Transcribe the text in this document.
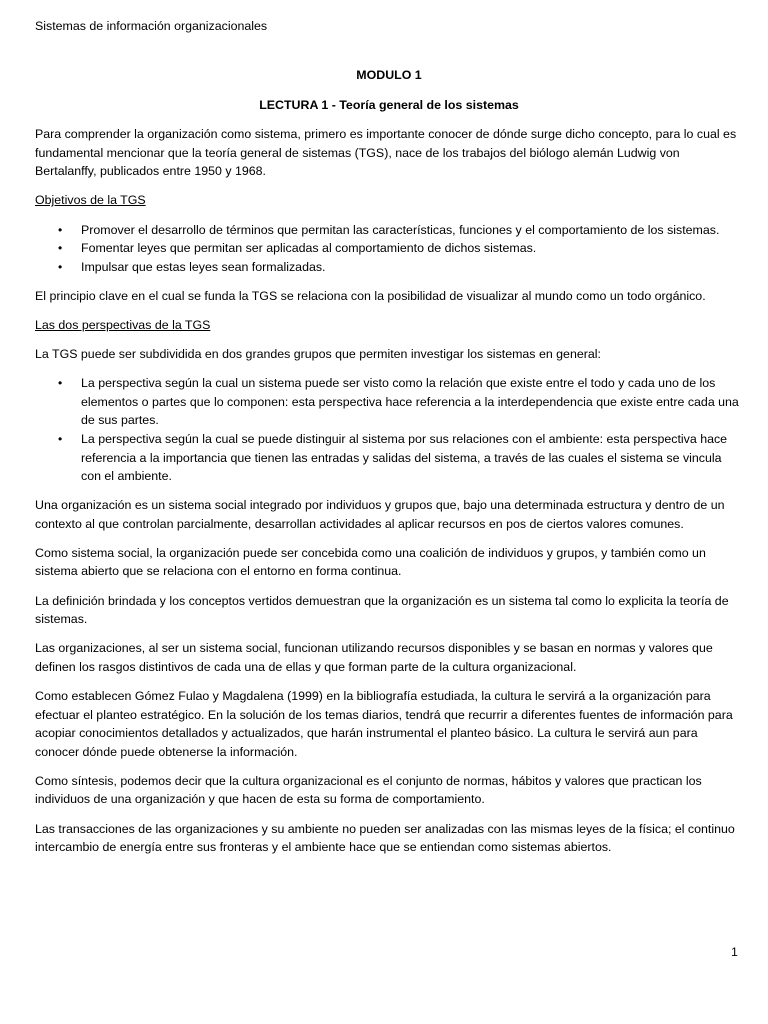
Sistemas de información organizacionales
MODULO 1
LECTURA 1 - Teoría general de los sistemas

Para comprender la organización como sistema, primero es importante conocer de dónde surge dicho concepto, para lo cual es fundamental mencionar que la teoría general de sistemas (TGS), nace de los trabajos del biólogo alemán Ludwig von Bertalanffy, publicados entre 1950 y 1968.

Objetivos de la TGS
• Promover el desarrollo de términos que permitan las características, funciones y el comportamiento de los sistemas.
• Fomentar leyes que permitan ser aplicadas al comportamiento de dichos sistemas.
• Impulsar que estas leyes sean formalizadas.

El principio clave en el cual se funda la TGS se relaciona con la posibilidad de visualizar al mundo como un todo orgánico.

Las dos perspectivas de la TGS

La TGS puede ser subdividida en dos grandes grupos que permiten investigar los sistemas en general:

• La perspectiva según la cual un sistema puede ser visto como la relación que existe entre el todo y cada uno de los elementos o partes que lo componen: esta perspectiva hace referencia a la interdependencia que existe entre cada una de sus partes.
• La perspectiva según la cual se puede distinguir al sistema por sus relaciones con el ambiente: esta perspectiva hace referencia a la importancia que tienen las entradas y salidas del sistema, a través de las cuales el sistema se vincula con el ambiente.

Una organización es un sistema social integrado por individuos y grupos que, bajo una determinada estructura y dentro de un contexto al que controlan parcialmente, desarrollan actividades al aplicar recursos en pos de ciertos valores comunes.

Como sistema social, la organización puede ser concebida como una coalición de individuos y grupos, y también como un sistema abierto que se relaciona con el entorno en forma continua.

La definición brindada y los conceptos vertidos demuestran que la organización es un sistema tal como lo explicita la teoría de sistemas.

Las organizaciones, al ser un sistema social, funcionan utilizando recursos disponibles y se basan en normas y valores que definen los rasgos distintivos de cada una de ellas y que forman parte de la cultura organizacional.

Como establecen Gómez Fulao y Magdalena (1999) en la bibliografía estudiada, la cultura le servirá a la organización para efectuar el planteo estratégico. En la solución de los temas diarios, tendrá que recurrir a diferentes fuentes de información para acopiar conocimientos detallados y actualizados, que harán instrumental el planteo básico. La cultura le servirá aun para conocer dónde puede obtenerse la información.

Como síntesis, podemos decir que la cultura organizacional es el conjunto de normas, hábitos y valores que practican los individuos de una organización y que hacen de esta su forma de comportamiento.

Las transacciones de las organizaciones y su ambiente no pueden ser analizadas con las mismas leyes de la física; el continuo intercambio de energía entre sus fronteras y el ambiente hace que se entiendan como sistemas abiertos.

1
